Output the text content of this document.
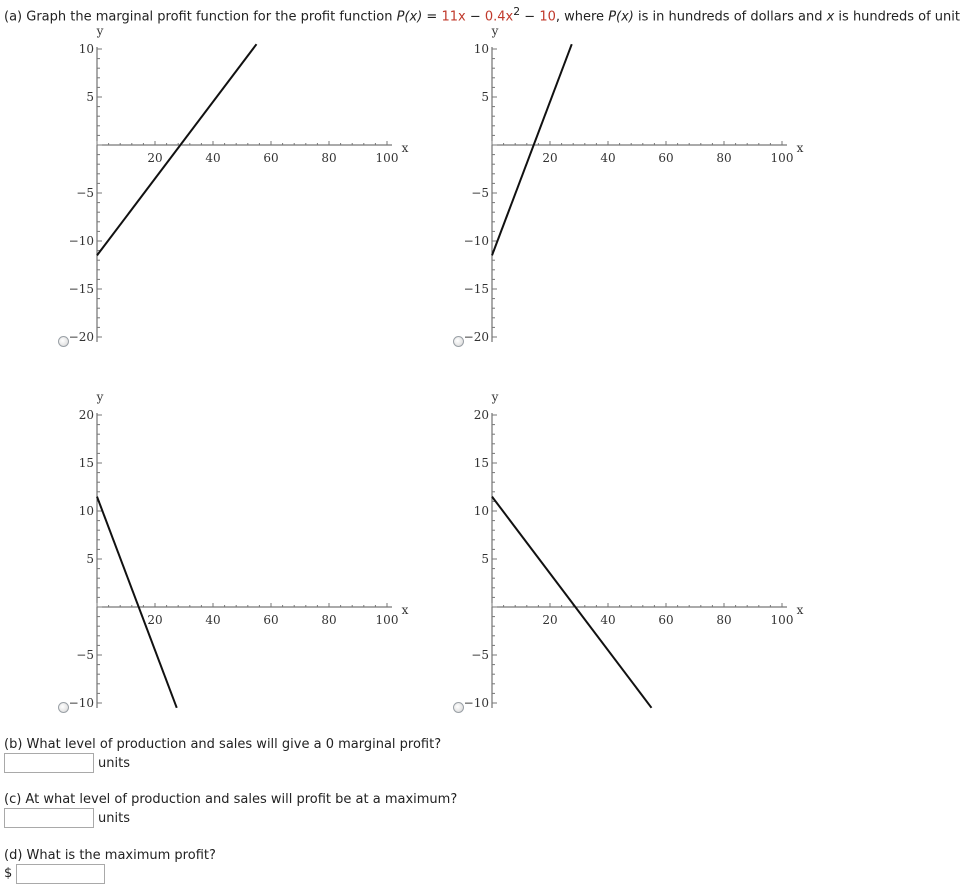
(a) Graph the marginal profit function for the profit function $P(x) = 11x - 0.4x^2 - 10$, where P(x) is in hundreds of dollars and x is hundreds of unit
20	40	60	80	100
10
5
−5
−10
−15
−20
x
y
20	40	60	80	100
10
5
−5
−10
−15
−20
x
y
20	40	60	80	100
20
15
10
5
−5
−10
x
y
20	40	60	80	100
20
15
10
5
−5
−10
x
y
(b) What level of production and sales will give a 0 marginal profit?
units
(c) At what level of production and sales will profit be at a maximum?
units
(d) What is the maximum profit?
$
